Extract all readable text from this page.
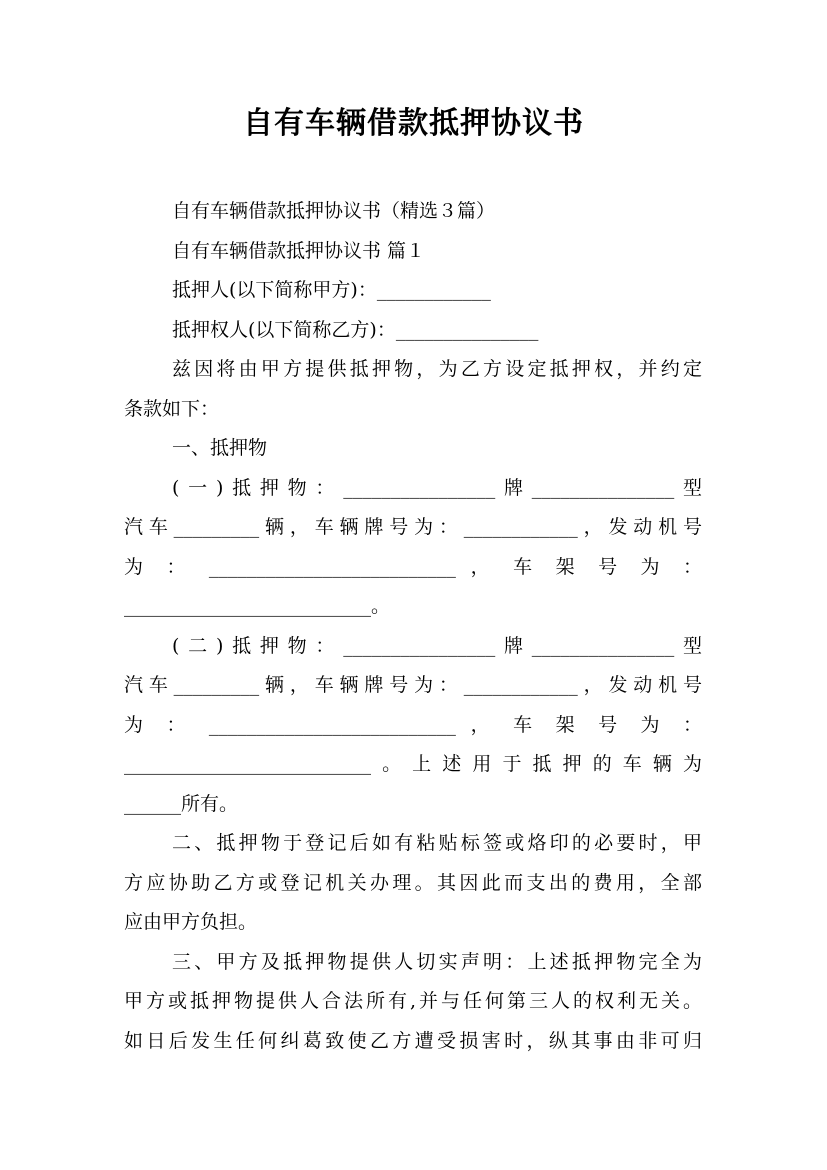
自有车辆借款抵押协议书
自有车辆借款抵押协议书（精选３篇）
自有车辆借款抵押协议书 篇１
抵押人(以下简称甲方)：____________
抵押权人(以下简称乙方)：_______________
兹因将由甲方提供抵押物，为乙方设定抵押权，并约定
条款如下：
一、抵押物
(一)抵押物：________________牌_______________型
汽车_________辆，车辆牌号为：____________，发动机号
为 ： __________________________ ， 车 架 号 为 ：
__________________________。
(二)抵押物：________________牌_______________型
汽车_________辆，车辆牌号为：____________，发动机号
为 ： __________________________ ， 车 架 号 为 ：
__________________________。上述用于抵押的车辆为
______所有。
二、抵押物于登记后如有粘贴标签或烙印的必要时，甲
方应协助乙方或登记机关办理。其因此而支出的费用，全部
应由甲方负担。
三、甲方及抵押物提供人切实声明：上述抵押物完全为
甲方或抵押物提供人合法所有,并与任何第三人的权利无关。
如日后发生任何纠葛致使乙方遭受损害时，纵其事由非可归
